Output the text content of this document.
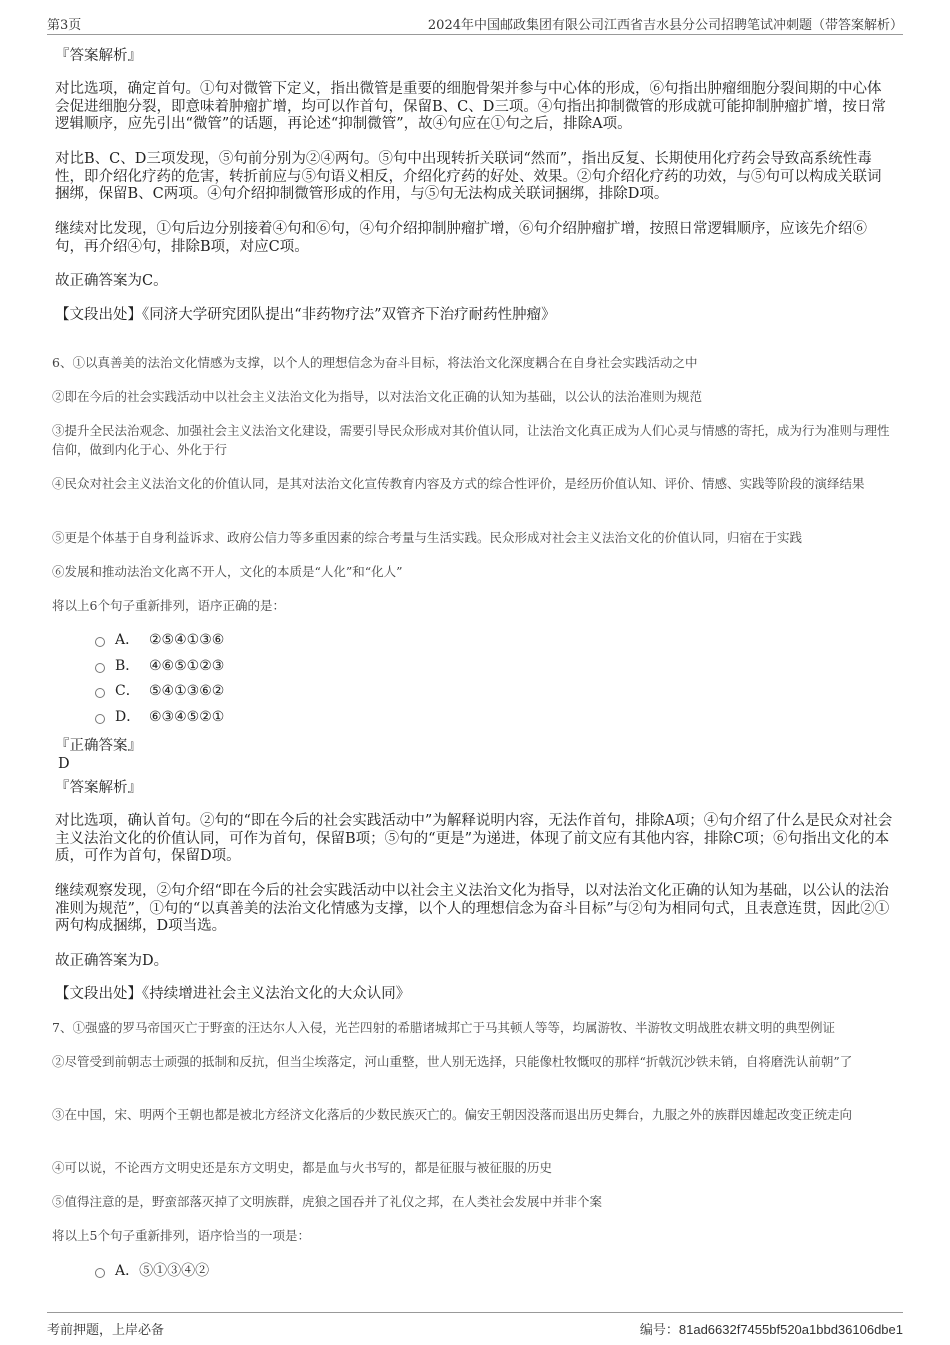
第3页	2024年中国邮政集团有限公司江西省吉水县分公司招聘笔试冲刺题（带答案解析）
『答案解析』
对比选项，确定首句。①句对微管下定义，指出微管是重要的细胞骨架并参与中心体的形成，⑥句指出肿瘤细胞分裂间期的中心体会促进细胞分裂，即意味着肿瘤扩增，均可以作首句，保留B、C、D三项。④句指出抑制微管的形成就可能抑制肿瘤扩增，按日常逻辑顺序，应先引出“微管”的话题，再论述“抑制微管”，故④句应在①句之后，排除A项。
对比B、C、D三项发现，⑤句前分别为②④两句。⑤句中出现转折关联词“然而”，指出反复、长期使用化疗药会导致高系统性毒性，即介绍化疗药的危害，转折前应与⑤句语义相反，介绍化疗药的好处、效果。②句介绍化疗药的功效，与⑤句可以构成关联词捆绑，保留B、C两项。④句介绍抑制微管形成的作用，与⑤句无法构成关联词捆绑，排除D项。
继续对比发现，①句后边分别接着④句和⑥句，④句介绍抑制肿瘤扩增，⑥句介绍肿瘤扩增，按照日常逻辑顺序，应该先介绍⑥句，再介绍④句，排除B项，对应C项。
故正确答案为C。
【文段出处】《同济大学研究团队提出“非药物疗法”双管齐下治疗耐药性肿瘤》
6、①以真善美的法治文化情感为支撑，以个人的理想信念为奋斗目标，将法治文化深度耦合在自身社会实践活动之中
②即在今后的社会实践活动中以社会主义法治文化为指导，以对法治文化正确的认知为基础，以公认的法治准则为规范
③提升全民法治观念、加强社会主义法治文化建设，需要引导民众形成对其价值认同，让法治文化真正成为人们心灵与情感的寄托，成为行为准则与理性信仰，做到内化于心、外化于行
④民众对社会主义法治文化的价值认同，是其对法治文化宣传教育内容及方式的综合性评价，是经历价值认知、评价、情感、实践等阶段的演绎结果
⑤更是个体基于自身利益诉求、政府公信力等多重因素的综合考量与生活实践。民众形成对社会主义法治文化的价值认同，归宿在于实践
⑥发展和推动法治文化离不开人，文化的本质是“人化”和“化人”
将以上6个句子重新排列，语序正确的是：
A． ②⑤④①③⑥
B． ④⑥⑤①②③
C． ⑤④①③⑥②
D． ⑥③④⑤②①
『正确答案』
D
『答案解析』
对比选项，确认首句。②句的“即在今后的社会实践活动中”为解释说明内容，无法作首句，排除A项；④句介绍了什么是民众对社会主义法治文化的价值认同，可作为首句，保留B项；⑤句的“更是”为递进，体现了前文应有其他内容，排除C项；⑥句指出文化的本质，可作为首句，保留D项。
继续观察发现，②句介绍“即在今后的社会实践活动中以社会主义法治文化为指导，以对法治文化正确的认知为基础，以公认的法治准则为规范”，①句的“以真善美的法治文化情感为支撑，以个人的理想信念为奋斗目标”与②句为相同句式，且表意连贯，因此②①两句构成捆绑，D项当选。
故正确答案为D。
【文段出处】《持续增进社会主义法治文化的大众认同》
7、①强盛的罗马帝国灭亡于野蛮的汪达尔人入侵，光芒四射的希腊诸城邦亡于马其顿人等等，均属游牧、半游牧文明战胜农耕文明的典型例证
②尽管受到前朝志士顽强的抵制和反抗，但当尘埃落定，河山重整，世人别无选择，只能像杜牧慨叹的那样“折戟沉沙铁未销，自将磨洗认前朝”了
③在中国，宋、明两个王朝也都是被北方经济文化落后的少数民族灭亡的。偏安王朝因没落而退出历史舞台，九服之外的族群因雄起改变正统走向
④可以说，不论西方文明史还是东方文明史，都是血与火书写的，都是征服与被征服的历史
⑤值得注意的是，野蛮部落灭掉了文明族群，虎狼之国吞并了礼仪之邦，在人类社会发展中并非个案
将以上5个句子重新排列，语序恰当的一项是：
A．⑤①③④②
考前押题，上岸必备	编号：81ad6632f7455bf520a1bbd36106dbe1
